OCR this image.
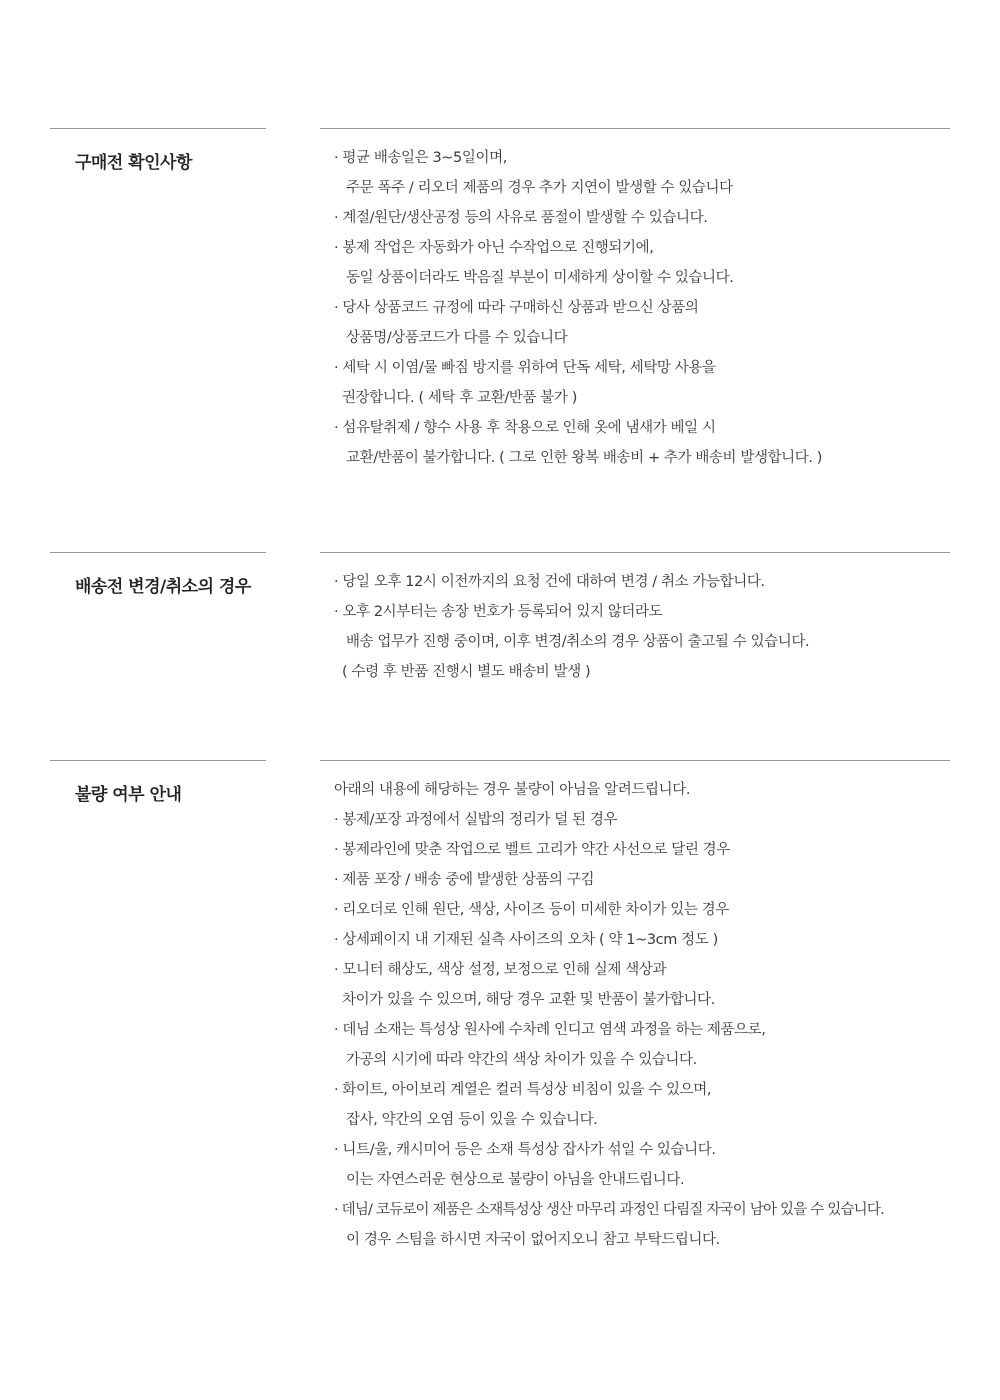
구매전 확인사항	· 평균 배송일은 3~5일이며,
주문 폭주 / 리오더 제품의 경우 추가 지연이 발생할 수 있습니다
· 계절/원단/생산공정 등의 사유로 품절이 발생할 수 있습니다.
· 봉제 작업은 자동화가 아닌 수작업으로 진행되기에,
동일 상품이더라도 박음질 부분이 미세하게 상이할 수 있습니다.
· 당사 상품코드 규정에 따라 구매하신 상품과 받으신 상품의
상품명/상품코드가 다를 수 있습니다
· 세탁 시 이염/물 빠짐 방지를 위하여 단독 세탁, 세탁망 사용을
권장합니다. ( 세탁 후 교환/반품 불가 )
· 섬유탈취제 / 향수 사용 후 착용으로 인해 옷에 냄새가 베일 시
교환/반품이 불가합니다. ( 그로 인한 왕복 배송비 + 추가 배송비 발생합니다. )
배송전 변경/취소의 경우	· 당일 오후 12시 이전까지의 요청 건에 대하여 변경 / 취소 가능합니다.
· 오후 2시부터는 송장 번호가 등록되어 있지 않더라도
배송 업무가 진행 중이며, 이후 변경/취소의 경우 상품이 출고될 수 있습니다.
( 수령 후 반품 진행시 별도 배송비 발생 )
불량 여부 안내	아래의 내용에 해당하는 경우 불량이 아님을 알려드립니다.
· 봉제/포장 과정에서 실밥의 정리가 덜 된 경우
· 봉제라인에 맞춘 작업으로 벨트 고리가 약간 사선으로 달린 경우
· 제품 포장 / 배송 중에 발생한 상품의 구김
· 리오더로 인해 원단, 색상, 사이즈 등이 미세한 차이가 있는 경우
· 상세페이지 내 기재된 실측 사이즈의 오차 ( 약 1~3cm 정도 )
· 모니터 해상도, 색상 설정, 보정으로 인해 실제 색상과
차이가 있을 수 있으며, 해당 경우 교환 및 반품이 불가합니다.
· 데님 소재는 특성상 원사에 수차례 인디고 염색 과정을 하는 제품으로,
가공의 시기에 따라 약간의 색상 차이가 있을 수 있습니다.
· 화이트, 아이보리 계열은 컬러 특성상 비침이 있을 수 있으며,
잡사, 약간의 오염 등이 있을 수 있습니다.
· 니트/울, 캐시미어 등은 소재 특성상 잡사가 섞일 수 있습니다.
이는 자연스러운 현상으로 불량이 아님을 안내드립니다.
· 데님/ 코듀로이 제품은 소재특성상 생산 마무리 과정인 다림질 자국이 남아 있을 수 있습니다.
이 경우 스팀을 하시면 자국이 없어지오니 참고 부탁드립니다.
